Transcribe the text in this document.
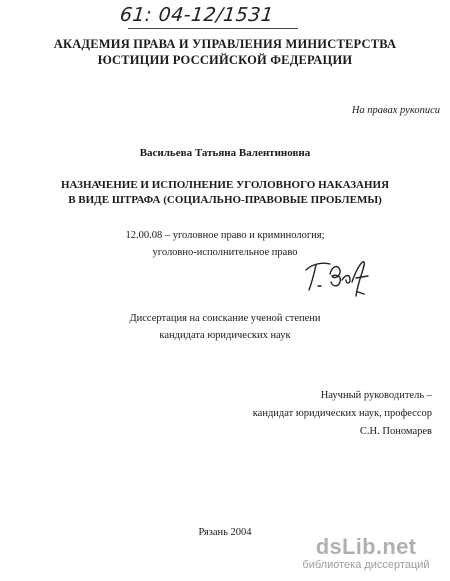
61: 04-12/1531
АКАДЕМИЯ ПРАВА И УПРАВЛЕНИЯ МИНИСТЕРСТВА
ЮСТИЦИИ РОССИЙСКОЙ ФЕДЕРАЦИИ
На правах рукописи
Васильева Татьяна Валентиновна
НАЗНАЧЕНИЕ И ИСПОЛНЕНИЕ УГОЛОВНОГО НАКАЗАНИЯ
В ВИДЕ ШТРАФА (СОЦИАЛЬНО-ПРАВОВЫЕ ПРОБЛЕМЫ)
12.00.08 – уголовное право и криминология;
уголовно-исполнительное право
Диссертация на соискание ученой степени
кандидата юридических наук
Научный руководитель –
кандидат юридических наук, профессор
С.Н. Пономарев
Рязань 2004
dsLib.net
библиотека диссертаций
